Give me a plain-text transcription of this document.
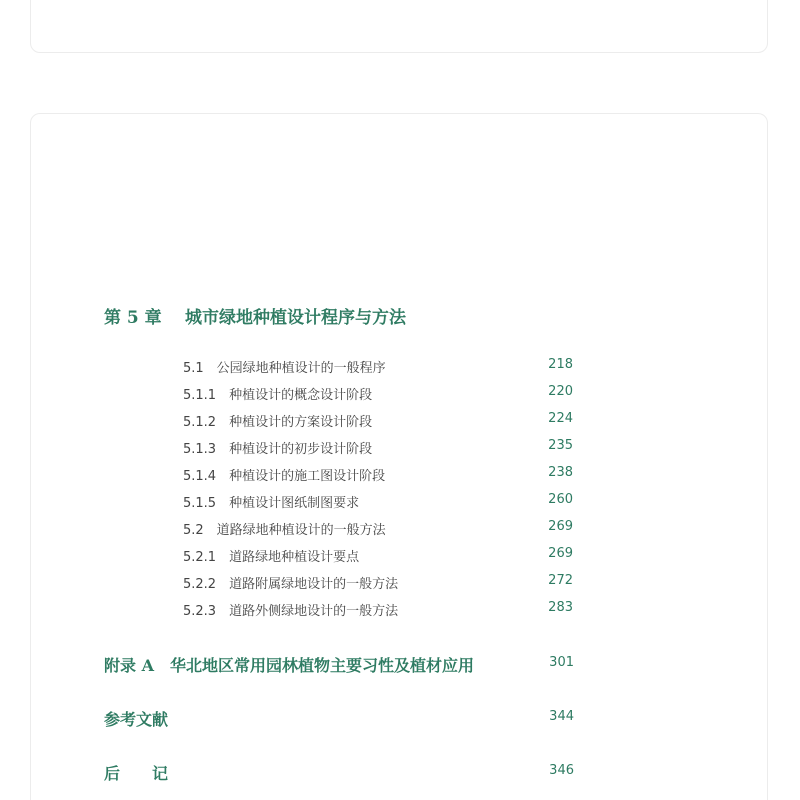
第 5 章 城市绿地种植设计程序与方法
5.1　公园绿地种植设计的一般程序	218
5.1.1　种植设计的概念设计阶段	220
5.1.2　种植设计的方案设计阶段	224
5.1.3　种植设计的初步设计阶段	235
5.1.4　种植设计的施工图设计阶段	238
5.1.5　种植设计图纸制图要求	260
5.2　道路绿地种植设计的一般方法	269
5.2.1　道路绿地种植设计要点	269
5.2.2　道路附属绿地设计的一般方法	272
5.2.3　道路外侧绿地设计的一般方法	283
附录 A　华北地区常用园林植物主要习性及植材应用	301
参考文献	344
后　　记	346
